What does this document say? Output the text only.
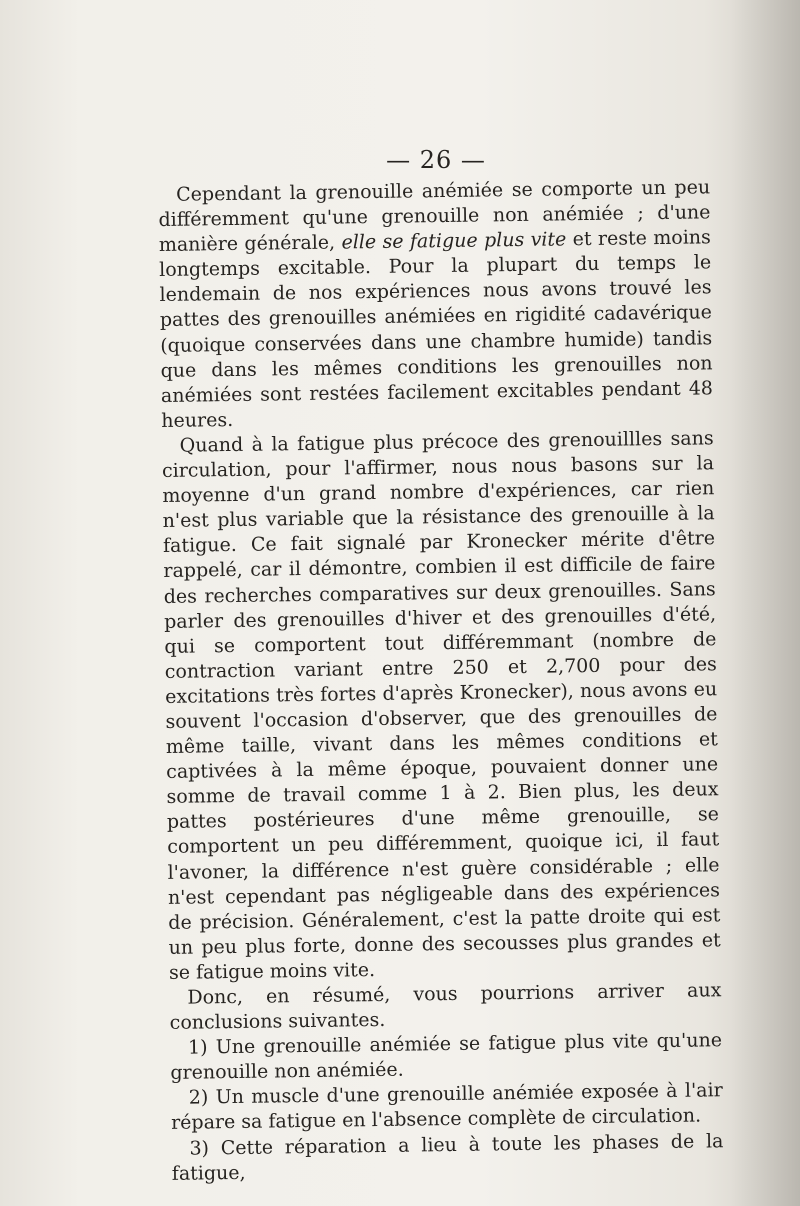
— 26 —

Cependant la grenouille anémiée se comporte un peu différemment qu'une grenouille non anémiée ; d'une manière générale, elle se fatigue plus vite et reste moins longtemps excitable. Pour la plupart du temps le lendemain de nos expériences nous avons trouvé les pattes des grenouilles anémiées en rigidité cadavérique (quoique conservées dans une chambre humide) tandis que dans les mêmes conditions les grenouilles non anémiées sont restées facilement excitables pendant 48 heures.

Quand à la fatigue plus précoce des grenouillles sans circulation, pour l'affirmer, nous nous basons sur la moyenne d'un grand nombre d'expériences, car rien n'est plus variable que la résistance des grenouille à la fatigue. Ce fait signalé par Kronecker mérite d'être rappelé, car il démontre, combien il est difficile de faire des recherches comparatives sur deux grenouilles. Sans parler des grenouilles d'hiver et des grenouilles d'été, qui se comportent tout différemmant (nombre de contraction variant entre 250 et 2,700 pour des excitations très fortes d'après Kronecker), nous avons eu souvent l'occasion d'observer, que des grenouilles de même taille, vivant dans les mêmes conditions et captivées à la même époque, pouvaient donner une somme de travail comme 1 à 2. Bien plus, les deux pattes postérieures d'une même grenouille, se comportent un peu différemment, quoique ici, il faut l'avoner, la différence n'est guère considérable ; elle n'est cependant pas négligeable dans des expériences de précision. Généralement, c'est la patte droite qui est un peu plus forte, donne des secousses plus grandes et se fatigue moins vite.

Donc, en résumé, vous pourrions arriver aux conclusions suivantes.

1) Une grenouille anémiée se fatigue plus vite qu'une grenouille non anémiée.

2) Un muscle d'une grenouille anémiée exposée à l'air répare sa fatigue en l'absence complète de circulation.

3) Cette réparation a lieu à toute les phases de la fatigue,
